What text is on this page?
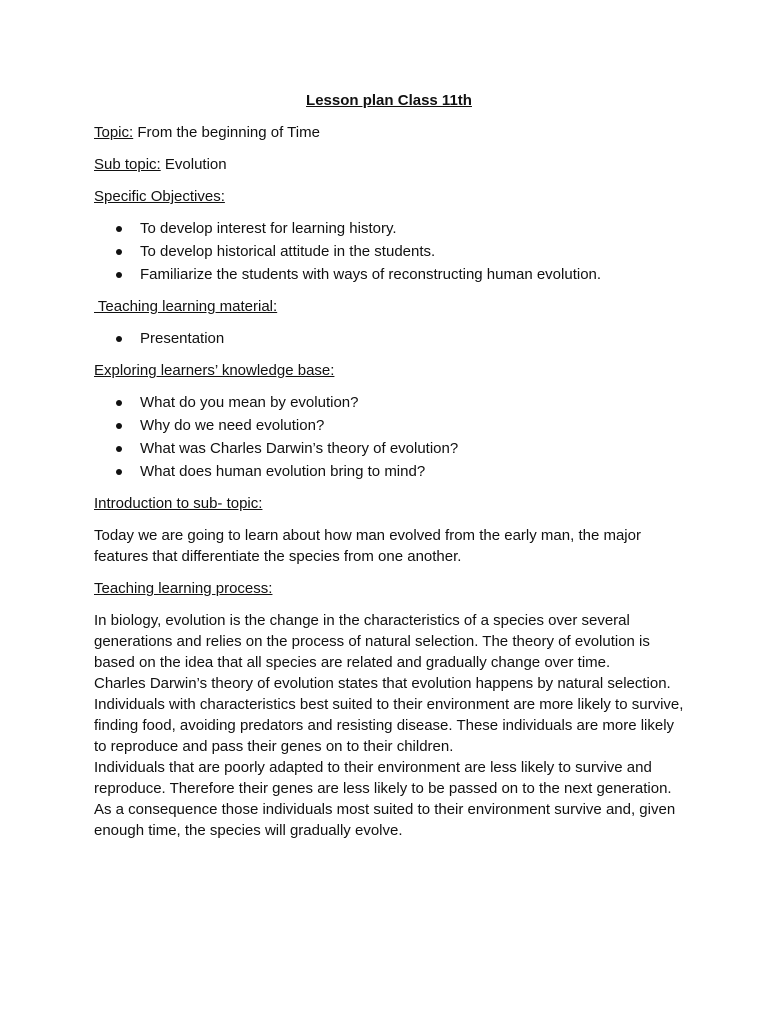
Lesson plan Class 11th
Topic: From the beginning of Time
Sub topic: Evolution
Specific Objectives:
To develop interest for learning history.
To develop historical attitude in the students.
Familiarize the students with ways of reconstructing human evolution.
Teaching learning material:
Presentation
Exploring learners’ knowledge base:
What do you mean by evolution?
Why do we need evolution?
What was Charles Darwin’s theory of evolution?
What does human evolution bring to mind?
Introduction to sub- topic:
Today we are going to learn about how man evolved from the early man, the major features that differentiate the species from one another.
Teaching learning process:

In biology, evolution is the change in the characteristics of a species over several generations and relies on the process of natural selection. The theory of evolution is based on the idea that all species are related and gradually change over time.

Charles Darwin’s theory of evolution states that evolution happens by natural selection.

Individuals with characteristics best suited to their environment are more likely to survive, finding food, avoiding predators and resisting disease. These individuals are more likely to reproduce and pass their genes on to their children.

Individuals that are poorly adapted to their environment are less likely to survive and reproduce. Therefore their genes are less likely to be passed on to the next generation.

As a consequence those individuals most suited to their environment survive and, given enough time, the species will gradually evolve.
